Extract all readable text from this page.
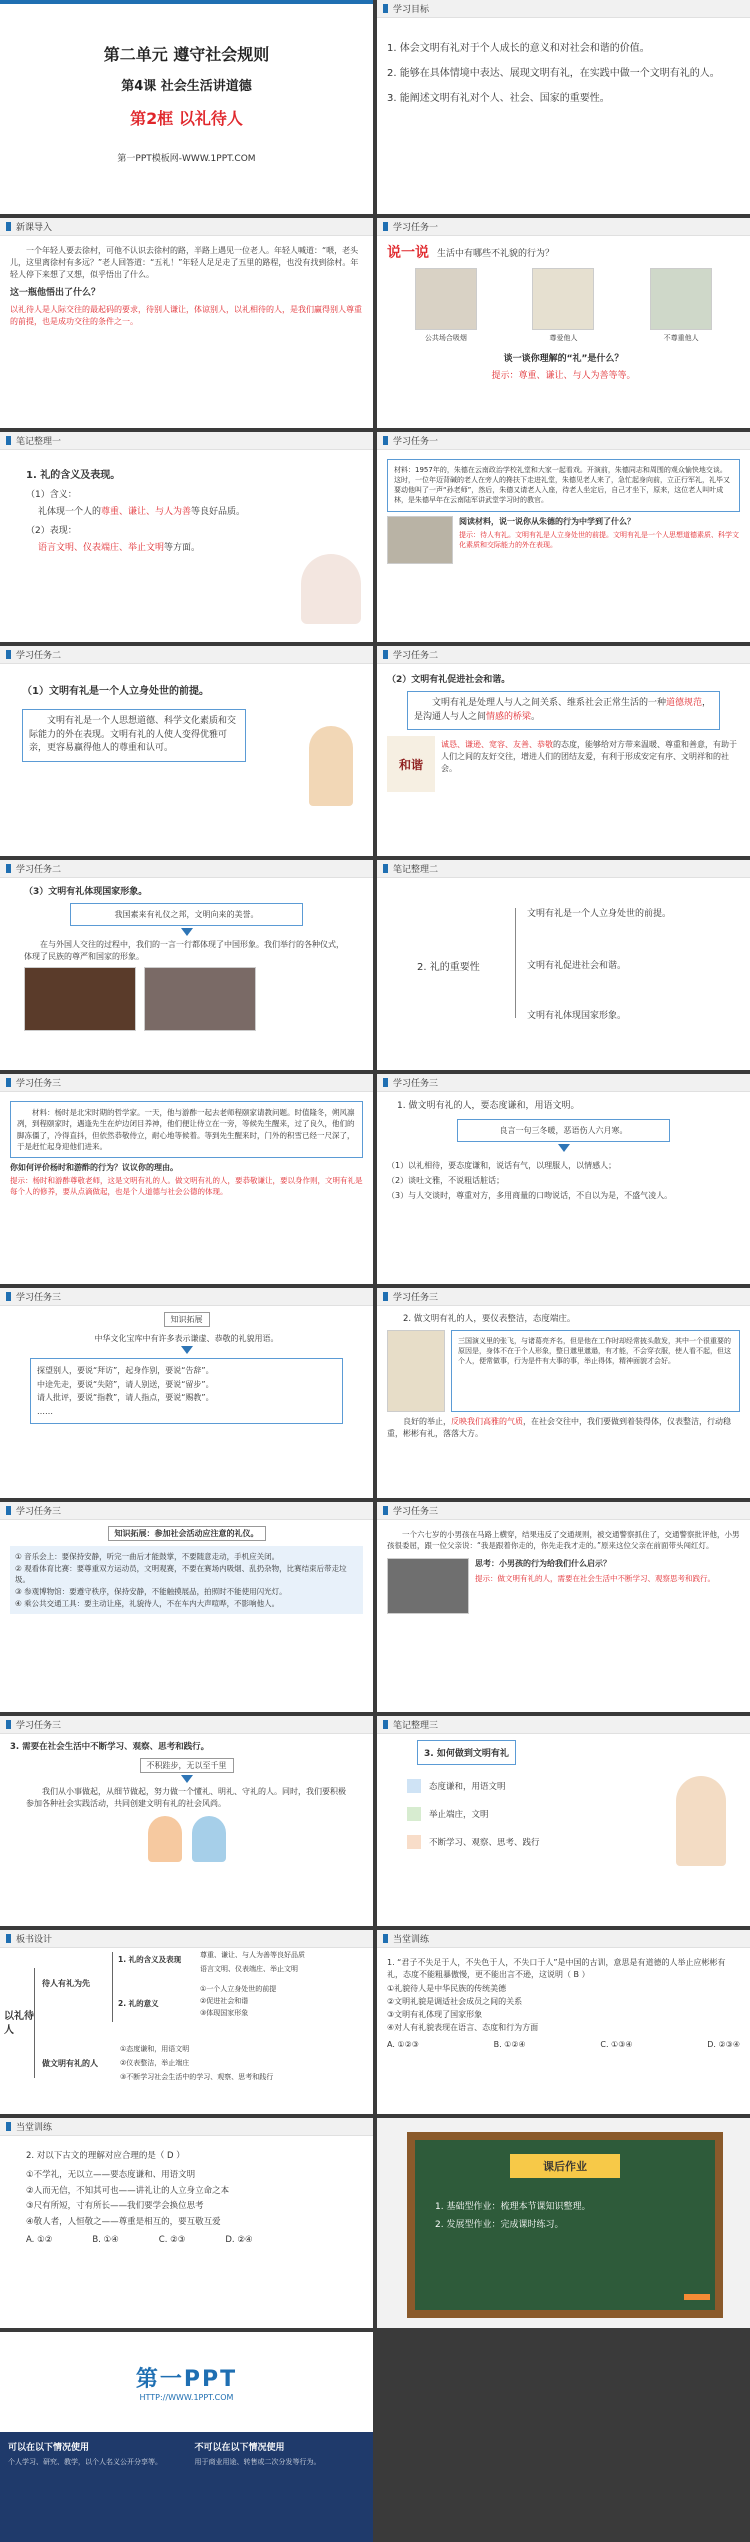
第二单元 遵守社会规则
第4课 社会生活讲道德
第2框 以礼待人
第一PPT模板网-WWW.1PPT.COM
学习目标
1. 体会文明有礼对于个人成长的意义和对社会和谐的价值。
2. 能够在具体情境中表达、展现文明有礼，在实践中做一个文明有礼的人。
3. 能阐述文明有礼对个人、社会、国家的重要性。
新课导入
一个年轻人要去徐村，可他不认识去徐村的路，半路上遇见一位老人。年轻人喊道：“喂，老头儿，这里离徐村有多远？”老人回答道：“五礼！”年轻人足足走了五里的路程，也没有找到徐村。年轻人停下来想了又想，似乎悟出了什么。
这一瓶他悟出了什么？
以礼待人是人际交往的最起码的要求，待别人谦让，体谅别人，以礼相待的人，是我们赢得别人尊重的前提，也是成功交往的条件之一。
学习任务一
说一说 生活中有哪些不礼貌的行为？
公共场合吸烟	尊爱他人	不尊重他人
谈一谈你理解的“礼”是什么？
提示：尊重、谦让、与人为善等等。
笔记整理一
1. 礼的含义及表现。
（1）含义：
礼体现一个人的尊重、谦让、与人为善等良好品质。
（2）表现：
语言文明、仪表端庄、举止文明等方面。
学习任务一
材料：1957年的，朱德在云南政治学校礼堂和大家一起看戏。开演前，朱德同志和周围的观众愉快地交谈。这时，一位年迈背碱的老人在旁人的搀扶下走进礼堂，朱德见老人来了，急忙起身向前，立正行军礼，礼毕又要动他叫了一声“孙老师”，然后，朱德又请老人入座，待老人坐定后，自己才坐下，原来，这位老人叫叶成林，是朱德早年在云南陆军讲武堂学习时的教官。
阅读材料，说一说你从朱德的行为中学到了什么？
提示：待人有礼。文明有礼是人立身处世的前提。文明有礼是一个人思想道德素质、科学文化素质和交际能力的外在表现。
学习任务二
（1）文明有礼是一个人立身处世的前提。
文明有礼是一个人思想道德、科学文化素质和交际能力的外在表现。文明有礼的人使人变得优雅可亲，更容易赢得他人的尊重和认可。
学习任务二
（2）文明有礼促进社会和谐。
文明有礼是处理人与人之间关系、维系社会正常生活的一种道德规范，是沟通人与人之间情感的桥梁。
和谐
诚恳、谦逊、宽容、友善、恭敬的态度，能够给对方带来温暖、尊重和善意，有助于人们之间的友好交往，增进人们的团结友爱，有利于形成安定有序、文明祥和的社会。
学习任务二
（3）文明有礼体现国家形象。
我国素来有礼仪之邦，文明向来的美誉。
在与外国人交往的过程中，我们的一言一行都体现了中国形象。我们举行的各种仪式，体现了民族的尊严和国家的形象。
笔记整理二
2. 礼的重要性
文明有礼是一个人立身处世的前提。
文明有礼促进社会和谐。
文明有礼体现国家形象。
学习任务三
材料：杨时是北宋时期的哲学家。一天，他与游酢一起去老师程颐家请教问题。时值隆冬，朔风凛冽，到程颐家时，遇逢先生在炉边闭目养神，他们便让侍立在一旁，等候先生醒来，过了良久，他们的脚冻僵了，冷得直抖，但依然恭敬侍立，耐心地等候着。等到先生醒来时，门外的积雪已经一尺深了，于是赶忙起身迎他们进来。
你如何评价杨时和游酢的行为？议议你的理由。
提示：杨时和游酢尊敬老师，这是文明有礼的人。做文明有礼的人，要恭敬谦让，要以身作则，文明有礼是每个人的修养，要从点滴做起，也是个人道德与社会公德的体现。
学习任务三
1. 做文明有礼的人，要态度谦和，用语文明。
良言一句三冬暖，恶语伤人六月寒。
（1）以礼相待，要态度谦和，说话有气，以理服人，以情感人；
（2）谈吐文雅，不说粗话脏话；
（3）与人交谈时，尊重对方，多用商量的口吻说话，不自以为是，不盛气凌人。
学习任务三
知识拓展
中华文化宝库中有许多表示谦虚、恭敬的礼貌用语。
探望别人，要说“拜访”，起身作别，要说“告辞”。
中途先走，要说“失陪”，请人别送，要说“留步”。
请人批评，要说“指教”，请人指点，要说“赐教”。
……
学习任务三
2. 做文明有礼的人，要仪表整洁，态度端庄。
三国演义里的张飞，与诸葛亮齐名，但是他在工作时却经常披头散发，其中一个很重要的原因是，身体不在于个人形象，整日邋里邋遢，有才能，不会穿衣服，使人看不起，但这个人，便常做事，行为是件有大事的事，举止得体，精神面貌才会好。
良好的举止，反映我们高雅的气质，在社会交往中，我们要做到着装得体，仪表整洁，行动稳重，彬彬有礼，落落大方。
学习任务三
知识拓展：参加社会活动应注意的礼仪。
① 音乐会上：要保持安静，听完一曲后才能鼓掌，不要随意走动，手机应关闭。
② 观看体育比赛：要尊重双方运动员，文明观赛，不要在赛场内吸烟、乱扔杂物，比赛结束后带走垃圾。
③ 参观博物馆：要遵守秩序，保持安静，不能触摸展品，拍照时不能使用闪光灯。
④ 乘公共交通工具：要主动让座，礼貌待人，不在车内大声喧哗，不影响他人。
学习任务三
一个六七岁的小男孩在马路上横穿，结果违反了交通规则，被交通警察抓住了，交通警察批评他，小男孩很委屈，跟一位父亲说：“我是跟着你走的，你先走我才走的。”原来这位父亲在前面带头闯红灯。
思考：小男孩的行为给我们什么启示？
提示：做文明有礼的人，需要在社会生活中不断学习、观察思考和践行。
学习任务三
3. 需要在社会生活中不断学习、观察、思考和践行。
不积跬步，无以至千里
我们从小事做起，从细节做起，努力做一个懂礼、明礼、守礼的人。同时，我们要积极参加各种社会实践活动，共同创建文明有礼的社会风尚。
笔记整理三
3. 如何做到文明有礼
态度谦和，用语文明
举止端庄，文明
不断学习、观察、思考、践行
板书设计
以礼待人
待人有礼为先
做文明有礼的人
1. 礼的含义及表现
2. 礼的意义
尊重、谦让、与人为善等良好品质
语言文明、仪表端庄、举止文明
①一个人立身处世的前提
②促进社会和谐
③体现国家形象
①态度谦和，用语文明
②仪表整洁，举止端庄
③不断学习社会生活中的学习、观察、思考和践行
当堂训练
1. “君子不失足于人，不失色于人，不失口于人”是中国的古训，意思是有道德的人举止应彬彬有礼，态度不能粗暴傲慢，更不能出言不逊，这说明（ B ）
①礼貌待人是中华民族的传统美德
②文明礼貌是调适社会成员之间的关系
③文明有礼体现了国家形象
④对人有礼貌表现在语言、态度和行为方面
A. ①②③	B. ①②④	C. ①③④	D. ②③④
当堂训练
2. 对以下古文的理解对应合理的是（ D ）
①不学礼，无以立——要态度谦和、用语文明
②人而无信，不知其可也——讲礼让的人立身立命之本
③尺有所短，寸有所长——我们要学会换位思考
④敬人者，人恒敬之——尊重是相互的，要互敬互爱
A. ①②	B. ①④	C. ②③	D. ②④
课后作业
1. 基础型作业：梳理本节课知识整理。
2. 发展型作业：完成课时练习。
第一PPT
HTTP://WWW.1PPT.COM
可以在以下情况使用
个人学习、研究、教学，以个人名义公开分享等。
不可以在以下情况使用
用于商业用途、转售或二次分发等行为。
